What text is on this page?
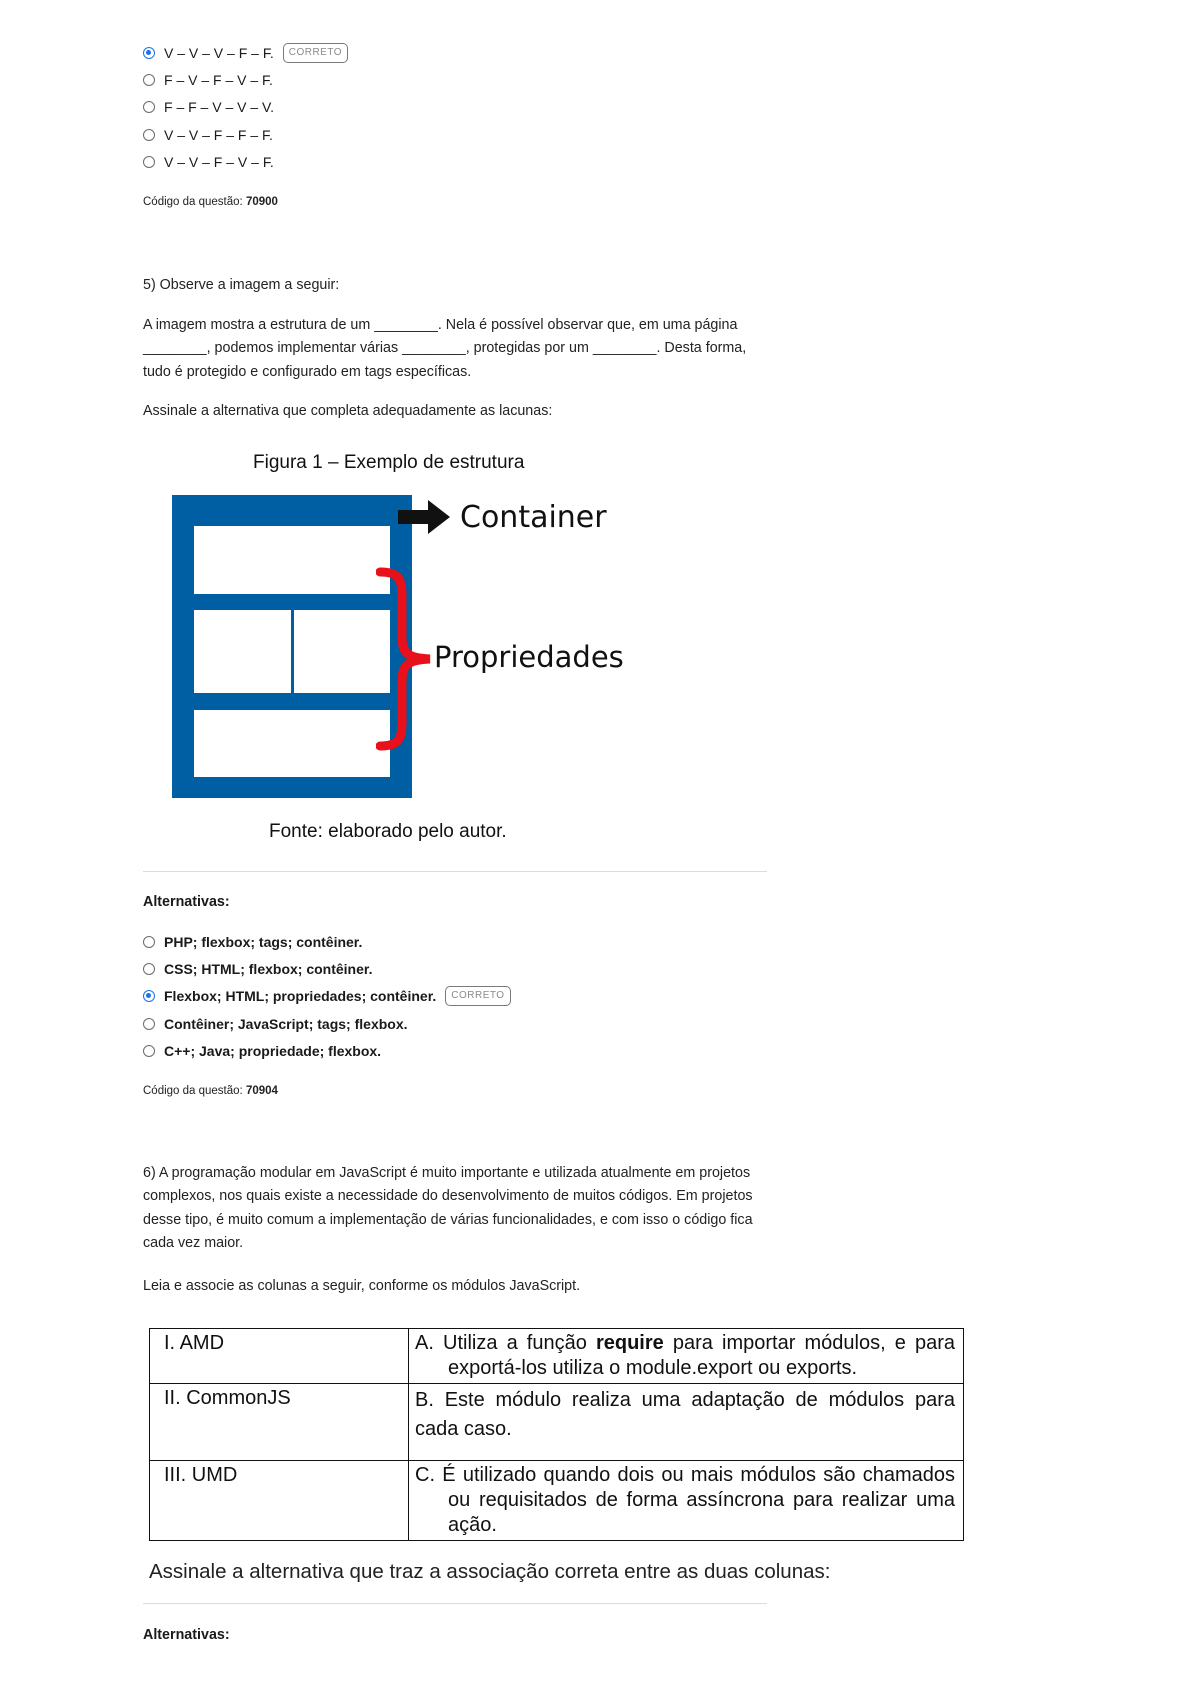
V – V – V – F – F.	CORRETO
F – V – F – V – F.
F – F – V – V – V.
V – V – F – F – F.
V – V – F – V – F.
Código da questão: 70900

5) Observe a imagem a seguir:

A imagem mostra a estrutura de um ________. Nela é possível observar que, em uma página ________, podemos implementar várias ________, protegidas por um ________. Desta forma, tudo é protegido e configurado em tags específicas.

Assinale a alternativa que completa adequadamente as lacunas:

Figura 1 – Exemplo de estrutura
Container
Propriedades
Fonte: elaborado pelo autor.
Alternativas:
PHP; flexbox; tags; contêiner.
CSS; HTML; flexbox; contêiner.
Flexbox; HTML; propriedades; contêiner.	CORRETO
Contêiner; JavaScript; tags; flexbox.
C++; Java; propriedade; flexbox.
Código da questão: 70904

6) A programação modular em JavaScript é muito importante e utilizada atualmente em projetos complexos, nos quais existe a necessidade do desenvolvimento de muitos códigos. Em projetos desse tipo, é muito comum a implementação de várias funcionalidades, e com isso o código fica cada vez maior.

Leia e associe as colunas a seguir, conforme os módulos JavaScript.

I. AMD	A. Utiliza a função require para importar módulos, e para exportá-los utiliza o module.export ou exports.

II. CommonJS	B. Este módulo realiza uma adaptação de módulos para cada caso.
III. UMD	C. É utilizado quando dois ou mais módulos são chamados ou requisitados de forma assíncrona para realizar uma ação.
Assinale a alternativa que traz a associação correta entre as duas colunas:
Alternativas:
